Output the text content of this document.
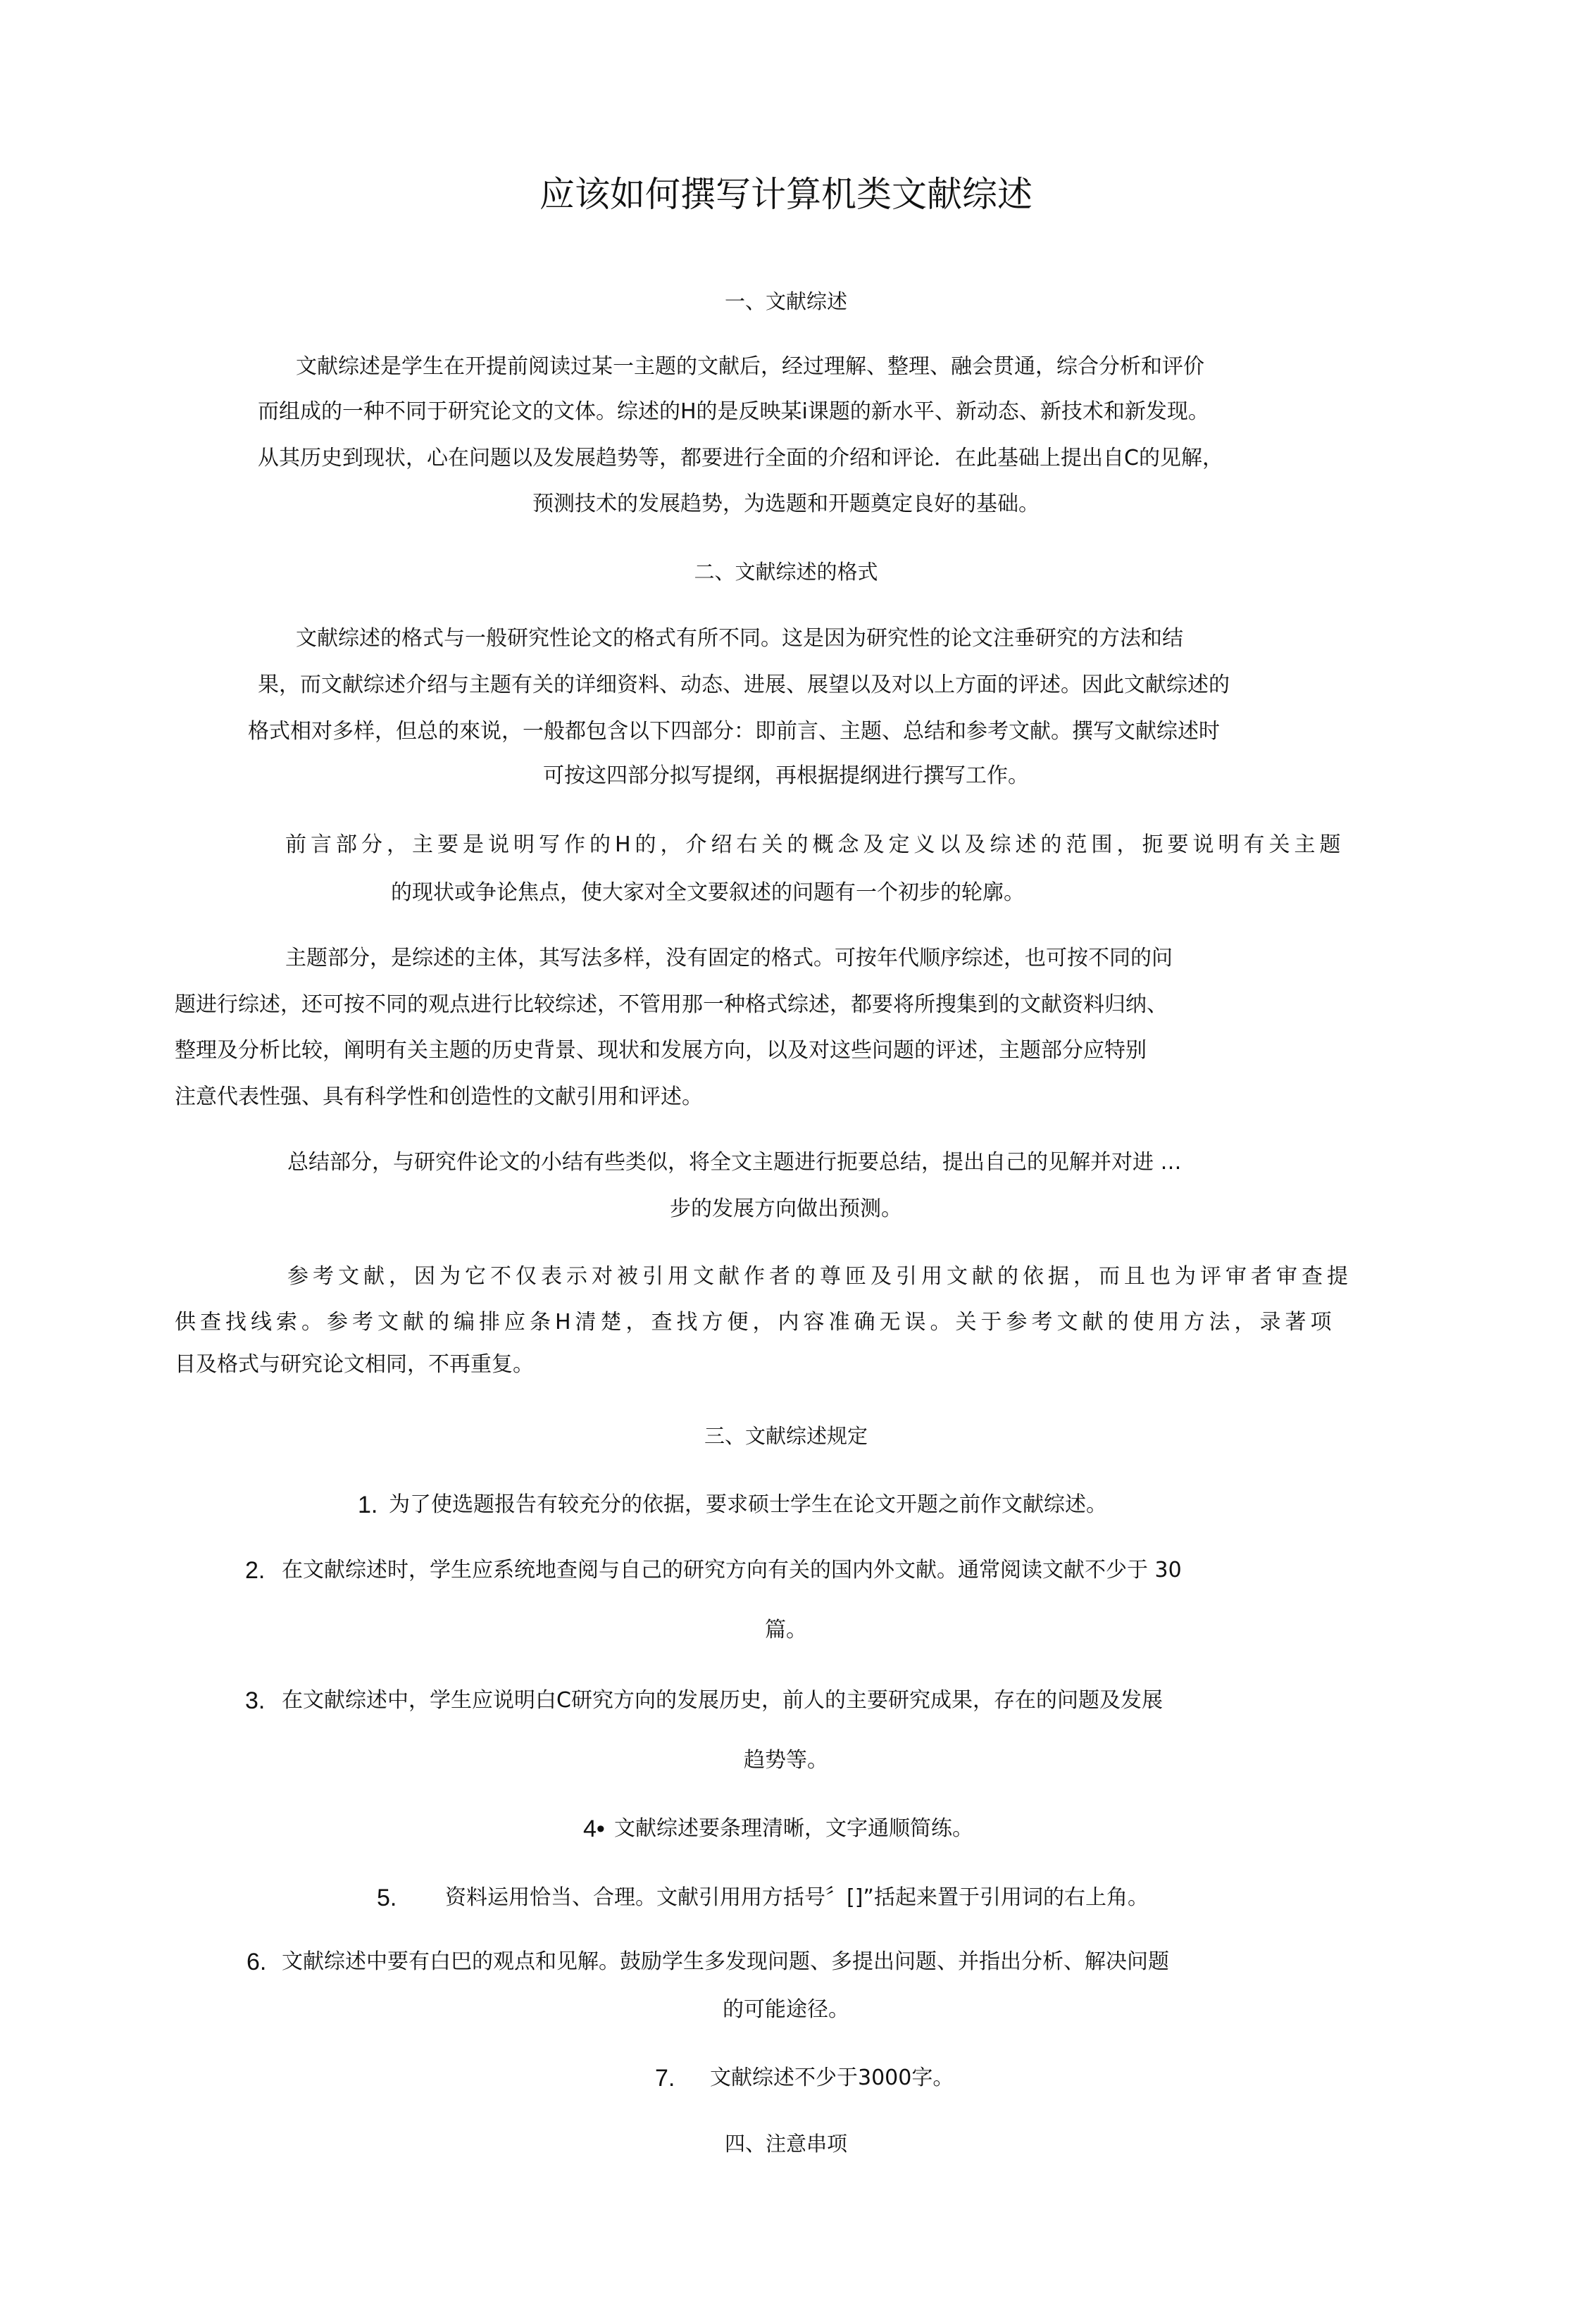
应该如何撰写计算机类文献综述
一、文献综述
文献综述是学生在开提前阅读过某一主题的文献后，经过理解、整理、融会贯通，综合分析和评价
而组成的一种不同于研究论文的文体。综述的H的是反映某i课题的新水平、新动态、新技术和新发现。
从其历史到现状，心在问题以及发展趋势等，都要进行全面的介绍和评论．在此基础上提出自C的见解，
预测技术的发展趋势，为选题和开题奠定良好的基础。
二、文献综述的格式
文献综述的格式与一般研究性论文的格式有所不同。这是因为研究性的论文注垂研究的方法和结
果，而文献综述介绍与主题有关的详细资料、动态、进展、展望以及对以上方面的评述。因此文献综述的
格式相对多样，但总的來说，一般都包含以下四部分：即前言、主题、总结和参考文献。撰写文献综述时
可按这四部分拟写提纲，再根据提纲进行撰写工作。
前言部分，主要是说明写作的H的，介绍右关的概念及定义以及综述的范围，扼要说明有关主题
的现状或争论焦点，使大家对全文要叙述的问题有一个初步的轮廓。
主题部分，是综述的主体，其写法多样，没有固定的格式。可按年代顺序综述，也可按不同的问
题进行综述，还可按不同的观点进行比较综述，不管用那一种格式综述，都要将所搜集到的文献资料归纳、
整理及分析比较，阐明有关主题的历史背景、现状和发展方向，以及对这些问题的评述，主题部分应特别
注意代表性强、具有科学性和创造性的文献引用和评述。
总结部分，与研究件论文的小结有些类似，将全文主题进行扼要总结，提出自己的见解并对进 …
步的发展方向做出预测。
参考文献，因为它不仅表示对被引用文献作者的尊匝及引用文献的依据，而且也为评审者审查提
供查找线索。参考文献的编排应条H清楚，查找方便，内容准确无误。关于参考文献的使用方法，录著项
目及格式与研究论文相同，不再重复。
三、文献综述规定
1. 为了使选题报告有较充分的依据，要求硕士学生在论文开题之前作文献综述。
2. 在文献综述时，学生应系统地查阅与自己的研究方向有关的国内外文献。通常阅读文献不少于 30
篇。
3. 在文献综述中，学生应说明白C研究方向的发展历史，前人的主要研究成果，存在的问题及发展
趋势等。
4• 文献综述要条理清晰，文字通顺简练。
5. 资料运用恰当、合理。文献引用用方括号〞[]”括起来置于引用词的右上角。
6. 文献综述中要有白巴的观点和见解。鼓励学生多发现问题、多提出问题、并指出分析、解决问题
的可能途径。
7. 文献综述不少于3000字。
四、注意串项
